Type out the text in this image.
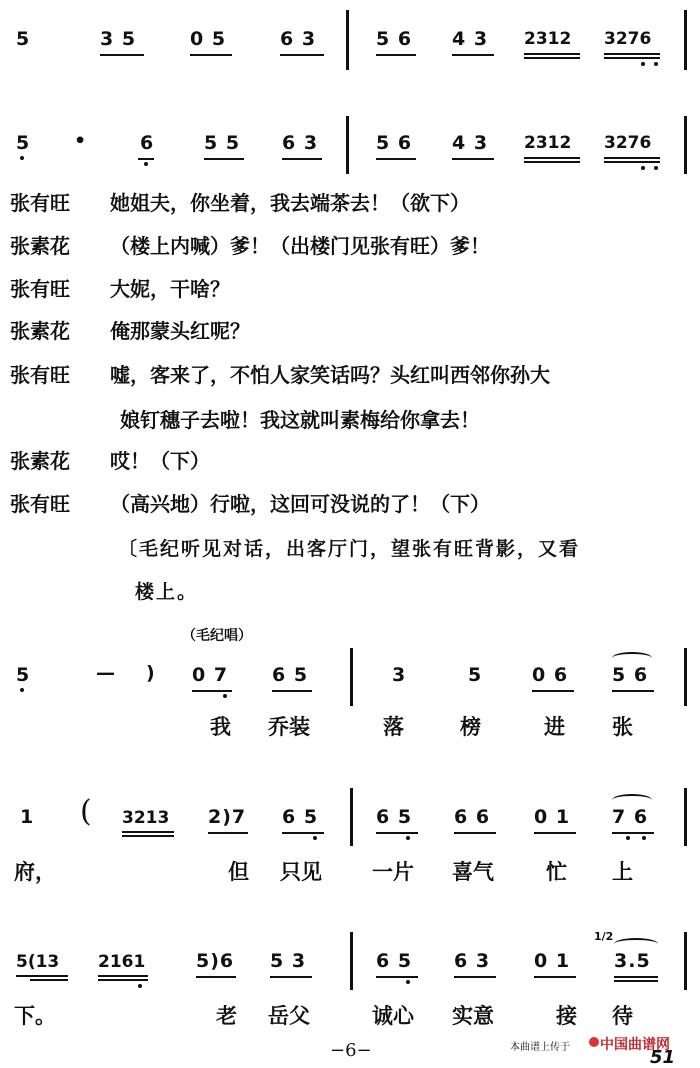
5	3 5	0 5	6 3	5 6 4 3 2312 3276
5 •	6	5 5 6 3	5 6 4 3 2312 3276
张有旺 她姐夫，你坐着，我去端茶去！（欲下）
张素花 （楼上内喊）爹！（出楼门见张有旺）爹！
张有旺 大妮，干啥？
张素花 俺那蒙头红呢？
张有旺 嘘，客来了，不怕人家笑话吗？头红叫西邻你孙大
娘钉穗子去啦！我这就叫素梅给你拿去！
张素花 哎！（下）
张有旺 （高兴地）行啦，这回可没说的了！（下）
〔毛纪听见对话，出客厅门，望张有旺背影，又看
楼上。
（毛纪唱）
5	— ) 0 7 6 5	3	5	0 6 5 6
我 乔装	落	榜	进 张
1 ( 3213 2)7 6 5	6 5 6 6 0 1 7 6
府，	但 只见 一片 喜气 忙 上
5(13 2161	5)6 5 3	6 5 6 3 0 1
1/2
3.5
下。	老 岳父	诚心 实意	接 待
−6−	本曲谱上传于 中国曲谱网
51
